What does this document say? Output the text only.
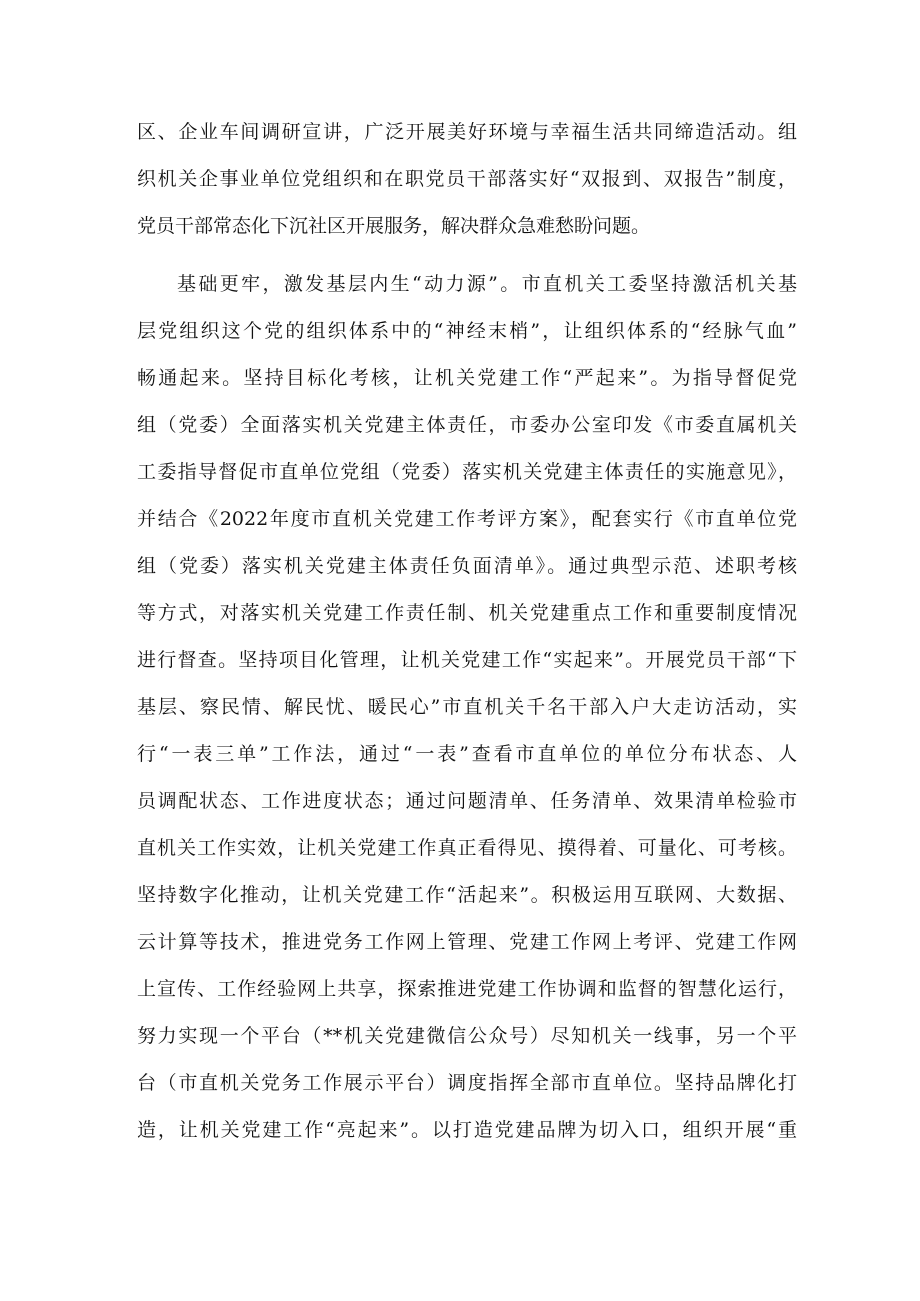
区、企业车间调研宣讲，广泛开展美好环境与幸福生活共同缔造活动。组
织机关企事业单位党组织和在职党员干部落实好“双报到、双报告”制度，
党员干部常态化下沉社区开展服务，解决群众急难愁盼问题。
基础更牢，激发基层内生“动力源”。市直机关工委坚持激活机关基
层党组织这个党的组织体系中的“神经末梢”，让组织体系的“经脉气血”
畅通起来。坚持目标化考核，让机关党建工作“严起来”。为指导督促党
组（党委）全面落实机关党建主体责任，市委办公室印发《市委直属机关
工委指导督促市直单位党组（党委）落实机关党建主体责任的实施意见》，
并结合《2022年度市直机关党建工作考评方案》，配套实行《市直单位党
组（党委）落实机关党建主体责任负面清单》。通过典型示范、述职考核
等方式，对落实机关党建工作责任制、机关党建重点工作和重要制度情况
进行督查。坚持项目化管理，让机关党建工作“实起来”。开展党员干部“下
基层、察民情、解民忧、暖民心”市直机关千名干部入户大走访活动，实
行“一表三单”工作法，通过“一表”查看市直单位的单位分布状态、人
员调配状态、工作进度状态；通过问题清单、任务清单、效果清单检验市
直机关工作实效，让机关党建工作真正看得见、摸得着、可量化、可考核。
坚持数字化推动，让机关党建工作“活起来”。积极运用互联网、大数据、
云计算等技术，推进党务工作网上管理、党建工作网上考评、党建工作网
上宣传、工作经验网上共享，探索推进党建工作协调和监督的智慧化运行，
努力实现一个平台（**机关党建微信公众号）尽知机关一线事，另一个平
台（市直机关党务工作展示平台）调度指挥全部市直单位。坚持品牌化打
造，让机关党建工作“亮起来”。以打造党建品牌为切入口，组织开展“重
